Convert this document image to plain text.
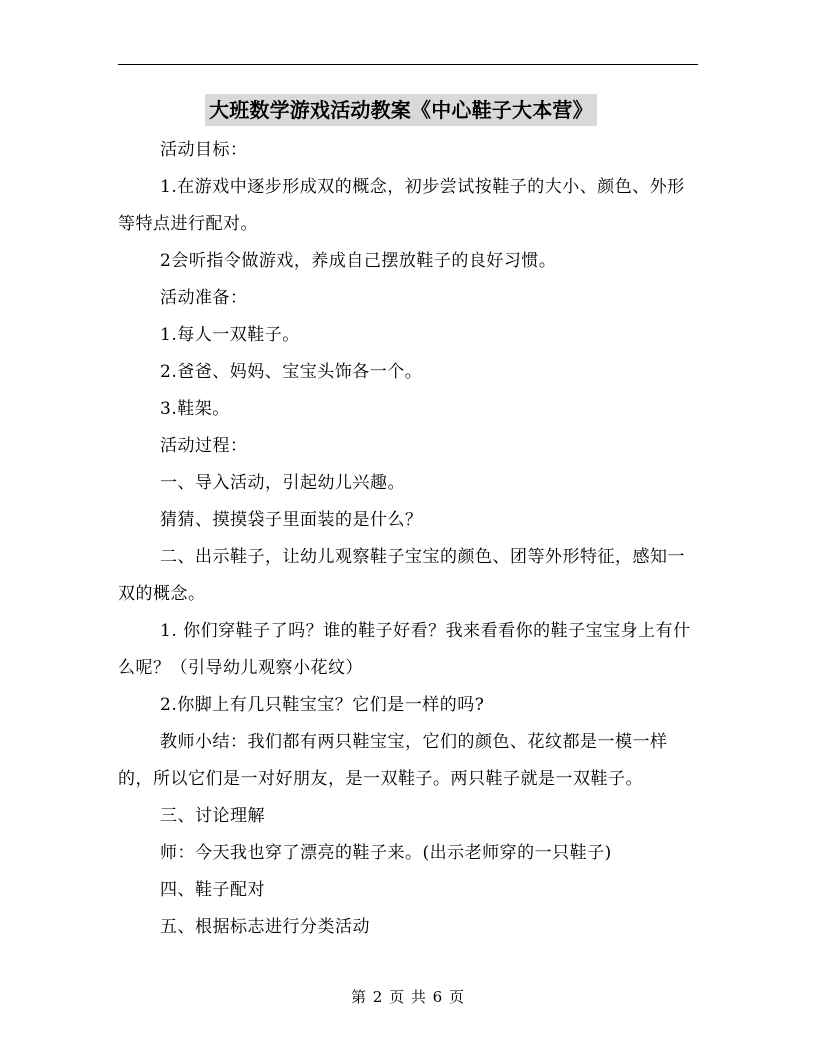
大班数学游戏活动教案《中心鞋子大本营》

活动目标：

1.在游戏中逐步形成双的概念，初步尝试按鞋子的大小、颜色、外形等特点进行配对。

2会听指令做游戏，养成自己摆放鞋子的良好习惯。

活动准备：

1.每人一双鞋子。

2.爸爸、妈妈、宝宝头饰各一个。

3.鞋架。

活动过程：

一、导入活动，引起幼儿兴趣。

猜猜、摸摸袋子里面装的是什么？

二、出示鞋子，让幼儿观察鞋子宝宝的颜色、团等外形特征，感知一双的概念。

1. 你们穿鞋子了吗？谁的鞋子好看？我来看看你的鞋子宝宝身上有什么呢？（引导幼儿观察小花纹）

2.你脚上有几只鞋宝宝？它们是一样的吗?

教师小结：我们都有两只鞋宝宝，它们的颜色、花纹都是一模一样的，所以它们是一对好朋友，是一双鞋子。两只鞋子就是一双鞋子。

三、讨论理解

师：今天我也穿了漂亮的鞋子来。(出示老师穿的一只鞋子)

四、鞋子配对

五、根据标志进行分类活动

第 2 页 共 6 页
